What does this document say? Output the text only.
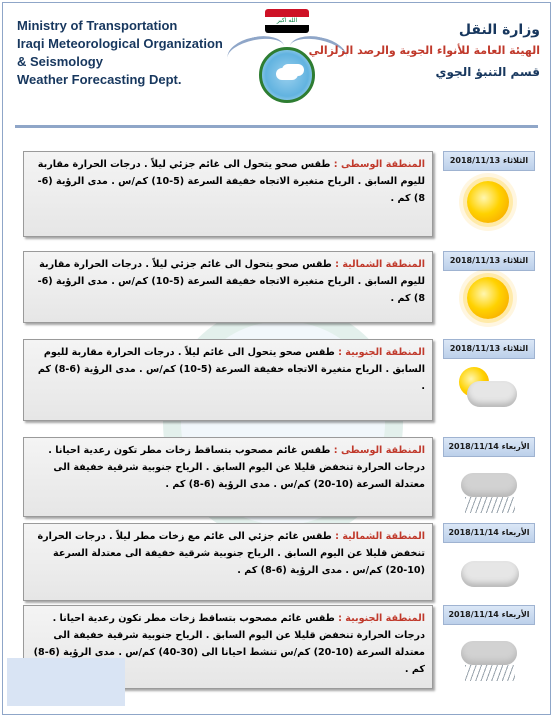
Ministry of Transportation
Iraqi Meteorological Organization
& Seismology
Weather Forecasting Dept.
الله اكبر
وزارة النقل
الهيئة العامة للأنواء الجوية والرصد الزلزالي
قسم التنبؤ الجوي
المنطقة الوسطى : طقس صحو يتحول الى غائم جزئي ليلاً . درجات الحرارة مقاربة لليوم السابق . الرياح متغيرة الاتجاه خفيفة السرعة (5-10) كم/س . مدى الرؤية (6-8) كم .
الثلاثاء 2018/11/13
المنطقة الشمالية : طقس صحو يتحول الى غائم جزئي ليلاً . درجات الحرارة مقاربة لليوم السابق . الرياح متغيرة الاتجاه خفيفة السرعة (5-10) كم/س . مدى الرؤية (6-8) كم .
الثلاثاء 2018/11/13
المنطقة الجنوبية : طقس صحو يتحول الى غائم ليلاً . درجات الحرارة مقاربة لليوم السابق . الرياح متغيرة الاتجاه خفيفة السرعة (5-10) كم/س . مدى الرؤية (6-8) كم .
الثلاثاء 2018/11/13
المنطقة الوسطى : طقس غائم مصحوب بتساقط زخات مطر تكون رعدية احيانا . درجات الحرارة تنخفض قليلا عن اليوم السابق . الرياح جنوبية شرقية خفيفة الى معتدلة السرعة (10-20) كم/س . مدى الرؤية (6-8) كم .
الأربعاء 2018/11/14
المنطقة الشمالية : طقس غائم جزئي الى غائم مع زخات مطر ليلاً . درجات الحرارة تنخفض قليلا عن اليوم السابق . الرياح جنوبية شرقية خفيفة الى معتدلة السرعة (10-20) كم/س . مدى الرؤية (6-8) كم .
الأربعاء 2018/11/14
المنطقة الجنوبية : طقس غائم مصحوب بتساقط زخات مطر تكون رعدية احيانا . درجات الحرارة تنخفض قليلا عن اليوم السابق . الرياح جنوبية شرقية خفيفة الى معتدلة السرعة (10-20) كم/س تنشط احيانا الى (30-40) كم/س . مدى الرؤية (6-8) كم .
الأربعاء 2018/11/14
